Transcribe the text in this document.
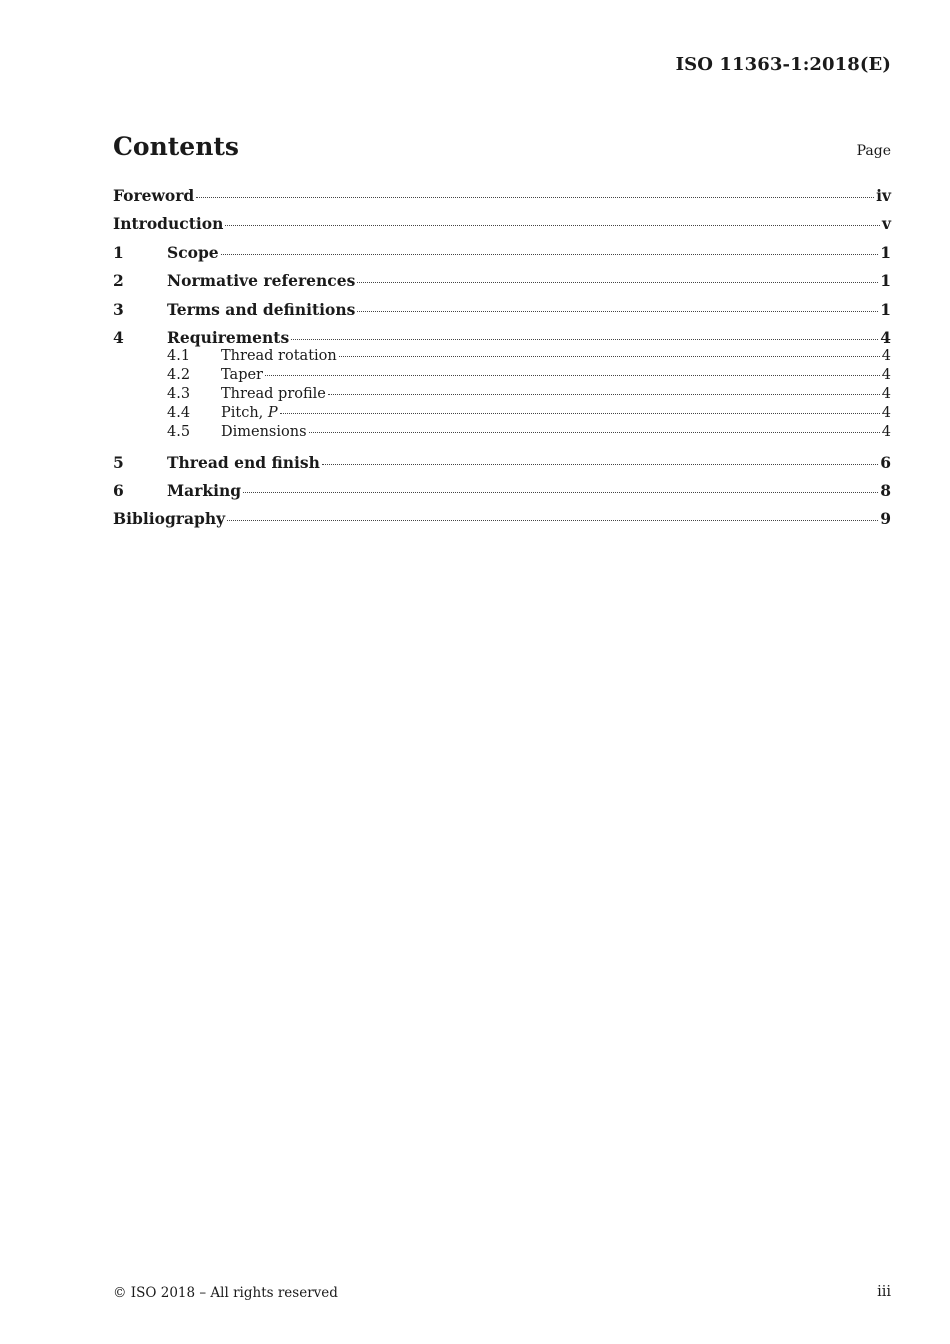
ISO 11363-1:2018(E)
Contents	Page
Foreword	iv
Introduction	v
1	Scope	1
2	Normative references	1
3	Terms and definitions	1
4	Requirements	4
4.1	Thread rotation	4
4.2	Taper	4
4.3	Thread profile	4
4.4	Pitch, P	4
4.5	Dimensions	4
5	Thread end finish	6
6	Marking	8
Bibliography	9
© ISO 2018 – All rights reserved	iii
